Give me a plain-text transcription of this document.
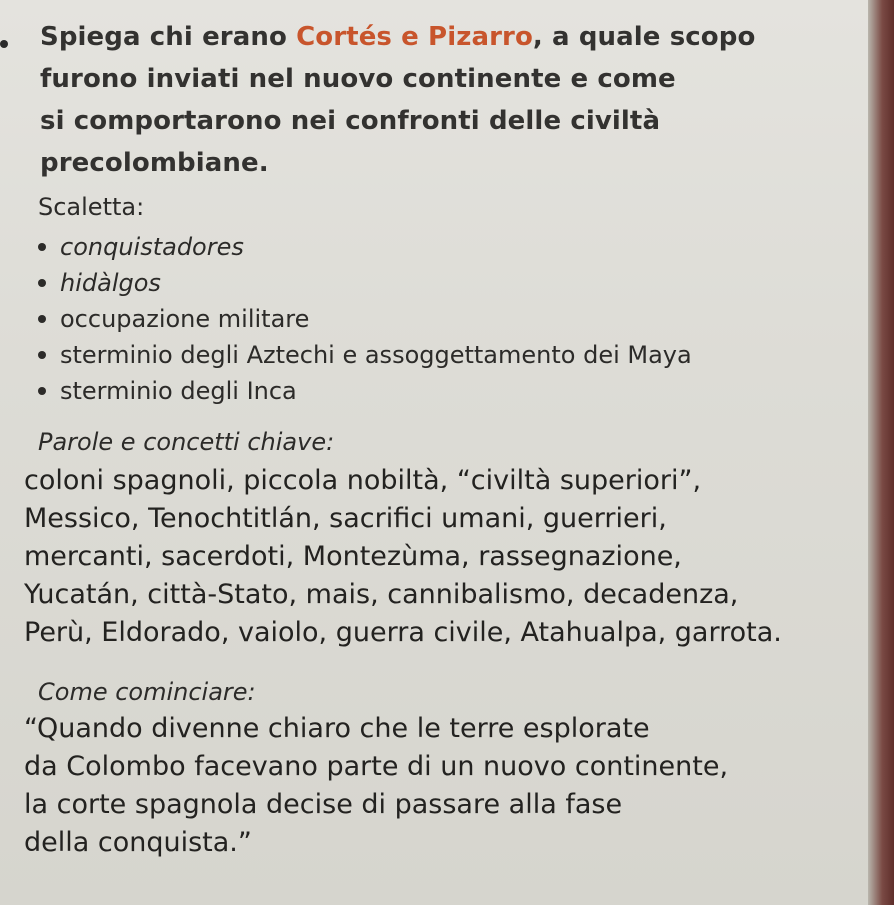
Spiega chi erano Cortés e Pizarro, a quale scopo
furono inviati nel nuovo continente e come
si comportarono nei confronti delle civiltà
precolombiane.
Scaletta:
conquistadores
hidàlgos
occupazione militare
sterminio degli Aztechi e assoggettamento dei Maya
sterminio degli Inca
Parole e concetti chiave:
coloni spagnoli, piccola nobiltà, “civiltà superiori”,
Messico, Tenochtitlán, sacrifici umani, guerrieri,
mercanti, sacerdoti, Montezùma, rassegnazione,
Yucatán, città-Stato, mais, cannibalismo, decadenza,
Perù, Eldorado, vaiolo, guerra civile, Atahualpa, garrota.
Come cominciare:
“Quando divenne chiaro che le terre esplorate
da Colombo facevano parte di un nuovo continente,
la corte spagnola decise di passare alla fase
della conquista.”
